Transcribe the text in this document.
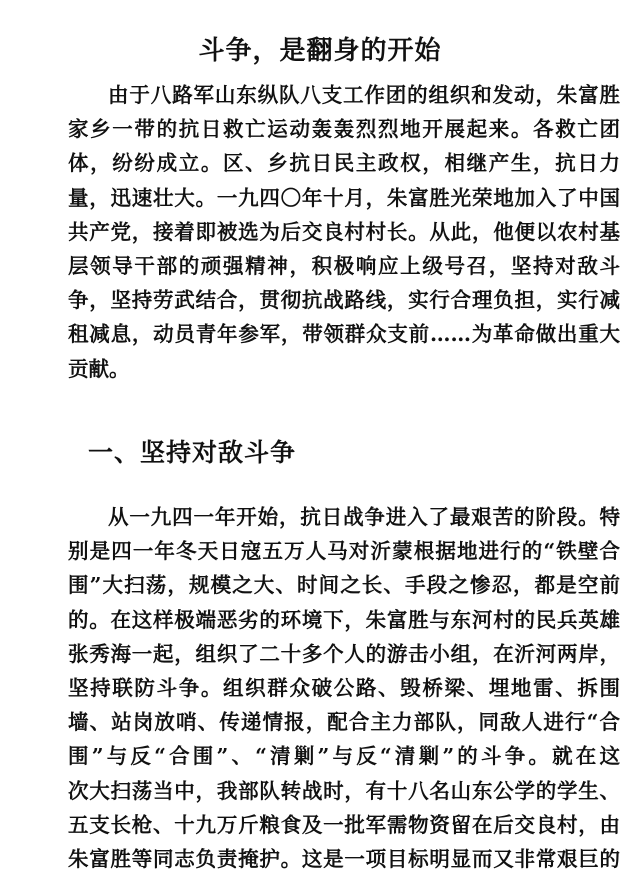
斗争，是翻身的开始
由于八路军山东纵队八支工作团的组织和发动，朱富胜
家乡一带的抗日救亡运动轰轰烈烈地开展起来。各救亡团
体，纷纷成立。区、乡抗日民主政权，相继产生，抗日力
量，迅速壮大。一九四〇年十月，朱富胜光荣地加入了中国
共产党，接着即被选为后交良村村长。从此，他便以农村基
层领导干部的顽强精神，积极响应上级号召，坚持对敌斗
争，坚持劳武结合，贯彻抗战路线，实行合理负担，实行减
租减息，动员青年参军，带领群众支前……为革命做出重大
贡献。
一、坚持对敌斗争
从一九四一年开始，抗日战争进入了最艰苦的阶段。特
别是四一年冬天日寇五万人马对沂蒙根据地进行的“铁壁合
围”大扫荡，规模之大、时间之长、手段之惨忍，都是空前
的。在这样极端恶劣的环境下，朱富胜与东河村的民兵英雄
张秀海一起，组织了二十多个人的游击小组，在沂河两岸，
坚持联防斗争。组织群众破公路、毁桥梁、埋地雷、拆围
墙、站岗放哨、传递情报，配合主力部队，同敌人进行“合
围”与反“合围”、“清剿”与反“清剿”的斗争。就在这
次大扫荡当中，我部队转战时，有十八名山东公学的学生、
五支长枪、十九万斤粮食及一批军需物资留在后交良村，由
朱富胜等同志负责掩护。这是一项目标明显而又非常艰巨的
